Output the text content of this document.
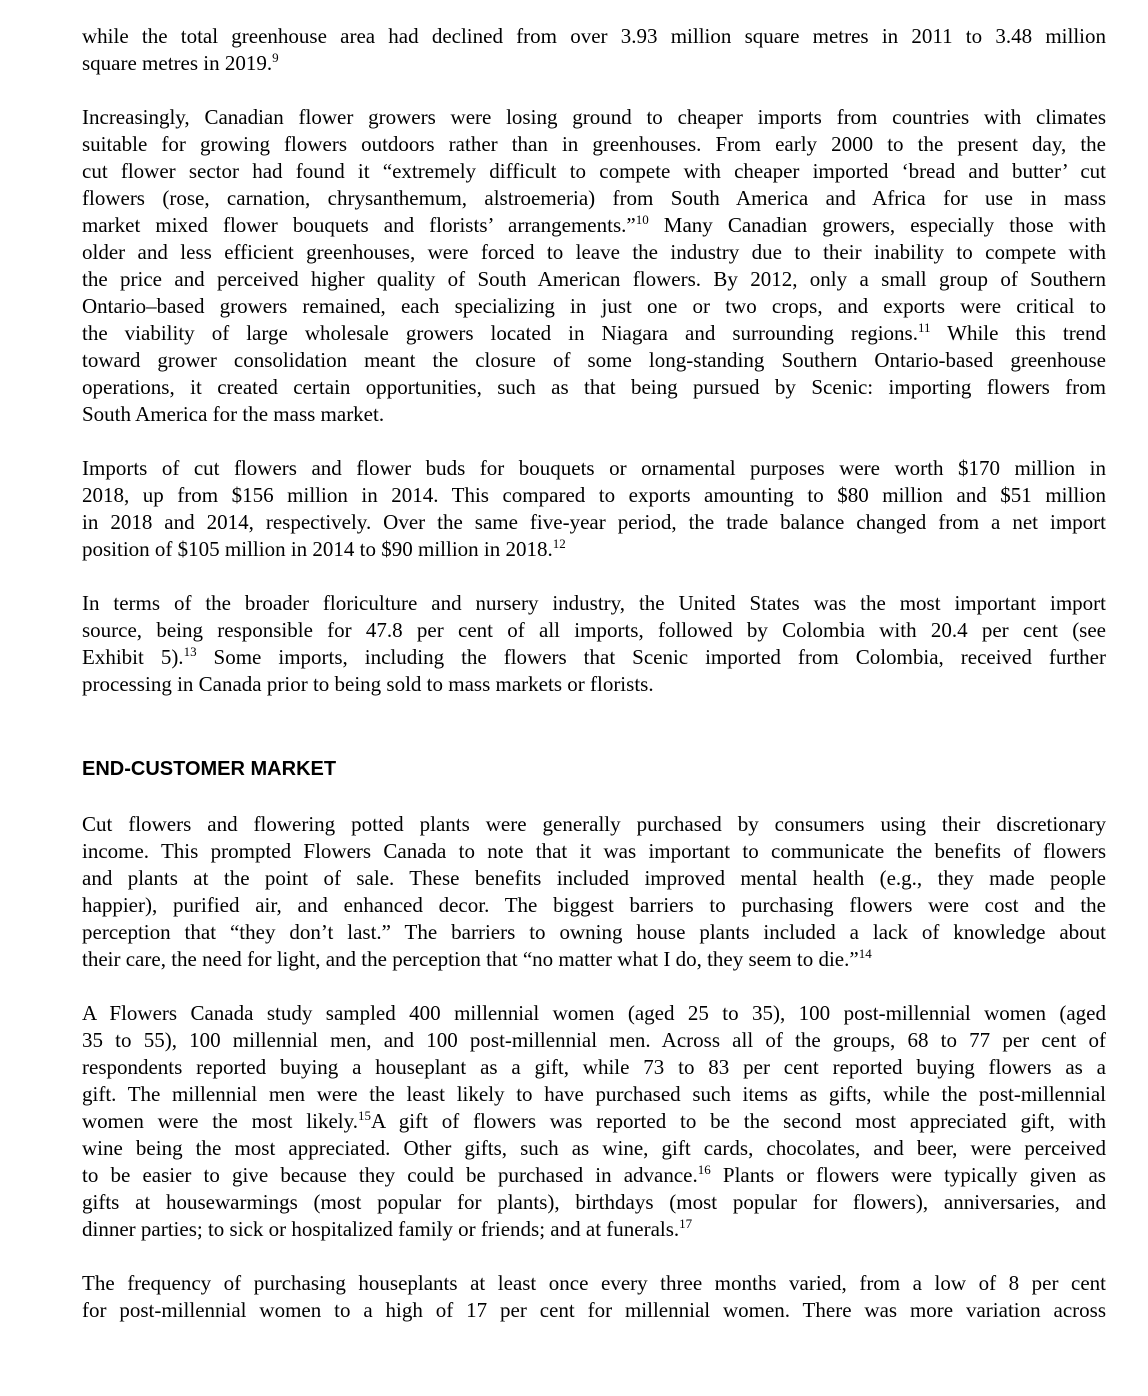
while the total greenhouse area had declined from over 3.93 million square metres in 2011 to 3.48 million
square metres in 2019.$^9$

Increasingly, Canadian flower growers were losing ground to cheaper imports from countries with climates
suitable for growing flowers outdoors rather than in greenhouses. From early 2000 to the present day, the
cut flower sector had found it “extremely difficult to compete with cheaper imported ‘bread and butter’ cut
flowers (rose, carnation, chrysanthemum, alstroemeria) from South America and Africa for use in mass
market mixed flower bouquets and florists’ arrangements.”$^{10}$ Many Canadian growers, especially those with
older and less efficient greenhouses, were forced to leave the industry due to their inability to compete with
the price and perceived higher quality of South American flowers. By 2012, only a small group of Southern
Ontario–based growers remained, each specializing in just one or two crops, and exports were critical to
the viability of large wholesale growers located in Niagara and surrounding regions.$^{11}$ While this trend
toward grower consolidation meant the closure of some long-standing Southern Ontario-based greenhouse
operations, it created certain opportunities, such as that being pursued by Scenic: importing flowers from
South America for the mass market.

Imports of cut flowers and flower buds for bouquets or ornamental purposes were worth $170 million in
2018, up from $156 million in 2014. This compared to exports amounting to $80 million and $51 million
in 2018 and 2014, respectively. Over the same five-year period, the trade balance changed from a net import
position of $105 million in 2014 to $90 million in 2018.12

In terms of the broader floriculture and nursery industry, the United States was the most important import
source, being responsible for 47.8 per cent of all imports, followed by Colombia with 20.4 per cent (see
Exhibit 5).$^{13}$ Some imports, including the flowers that Scenic imported from Colombia, received further
processing in Canada prior to being sold to mass markets or florists.

END-CUSTOMER MARKET

Cut flowers and flowering potted plants were generally purchased by consumers using their discretionary
income. This prompted Flowers Canada to note that it was important to communicate the benefits of flowers
and plants at the point of sale. These benefits included improved mental health (e.g., they made people
happier), purified air, and enhanced decor. The biggest barriers to purchasing flowers were cost and the
perception that “they don’t last.” The barriers to owning house plants included a lack of knowledge about
their care, the need for light, and the perception that “no matter what I do, they seem to die.”$^{14}$

A Flowers Canada study sampled 400 millennial women (aged 25 to 35), 100 post-millennial women (aged
35 to 55), 100 millennial men, and 100 post-millennial men. Across all of the groups, 68 to 77 per cent of
respondents reported buying a houseplant as a gift, while 73 to 83 per cent reported buying flowers as a
gift. The millennial men were the least likely to have purchased such items as gifts, while the post-millennial
women were the most likely.$^{15}$A gift of flowers was reported to be the second most appreciated gift, with
wine being the most appreciated. Other gifts, such as wine, gift cards, chocolates, and beer, were perceived
to be easier to give because they could be purchased in advance.$^{16}$ Plants or flowers were typically given as
gifts at housewarmings (most popular for plants), birthdays (most popular for flowers), anniversaries, and
dinner parties; to sick or hospitalized family or friends; and at funerals.$^{17}$

The frequency of purchasing houseplants at least once every three months varied, from a low of 8 per cent
for post-millennial women to a high of 17 per cent for millennial women. There was more variation across
